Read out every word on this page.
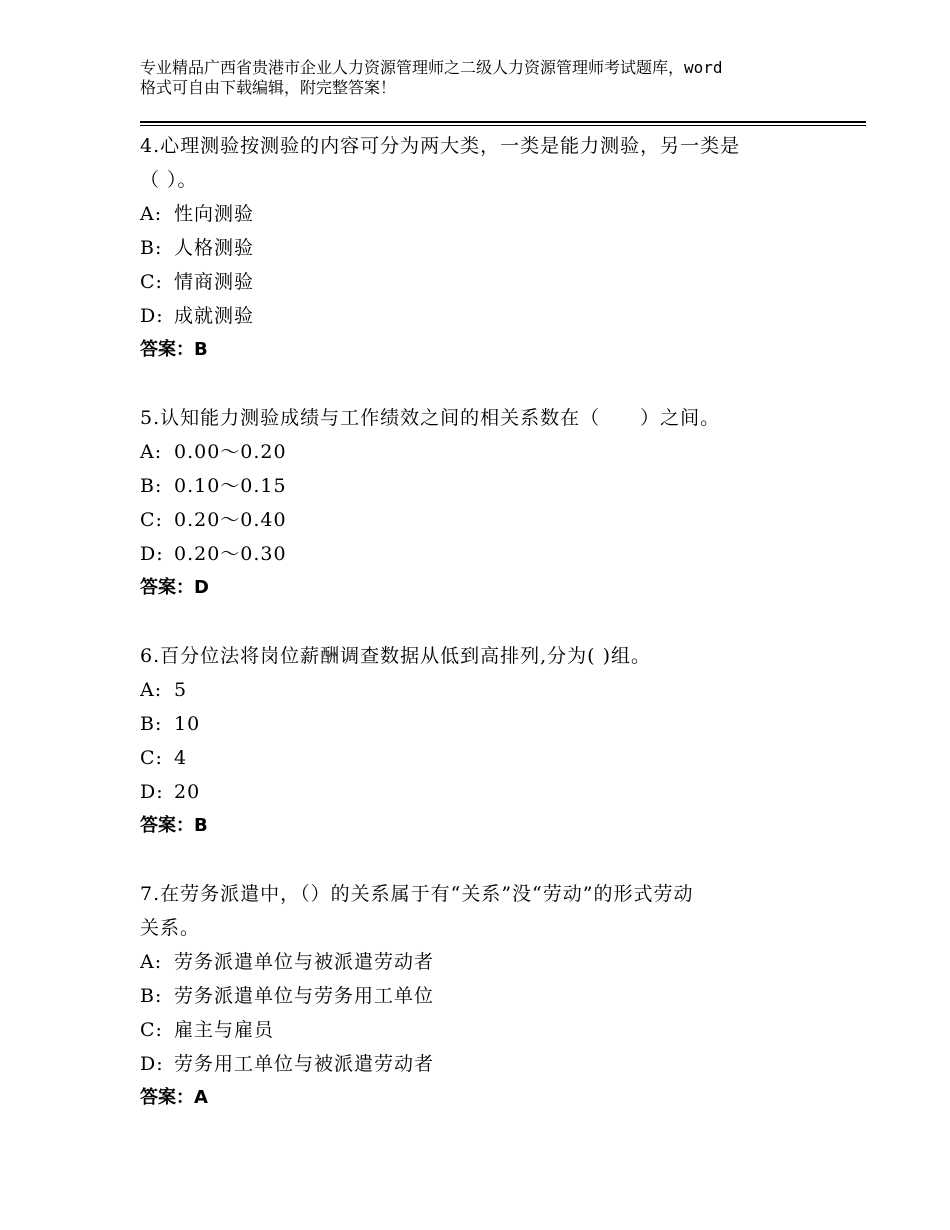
专业精品广西省贵港市企业人力资源管理师之二级人力资源管理师考试题库，word
格式可自由下载编辑，附完整答案！
4.心理测验按测验的内容可分为两大类，一类是能力测验，另一类是
（ ）。
A: 性向测验
B: 人格测验
C: 情商测验
D: 成就测验
答案：B
5.认知能力测验成绩与工作绩效之间的相关系数在（　　）之间。
A: 0.00～0.20
B: 0.10～0.15
C: 0.20～0.40
D: 0.20～0.30
答案：D
6.百分位法将岗位薪酬调查数据从低到高排列,分为( )组。
A: 5
B: 10
C: 4
D: 20
答案：B
7.在劳务派遣中，（）的关系属于有“关系”没“劳动”的形式劳动
关系。
A: 劳务派遣单位与被派遣劳动者
B: 劳务派遣单位与劳务用工单位
C: 雇主与雇员
D: 劳务用工单位与被派遣劳动者
答案：A
